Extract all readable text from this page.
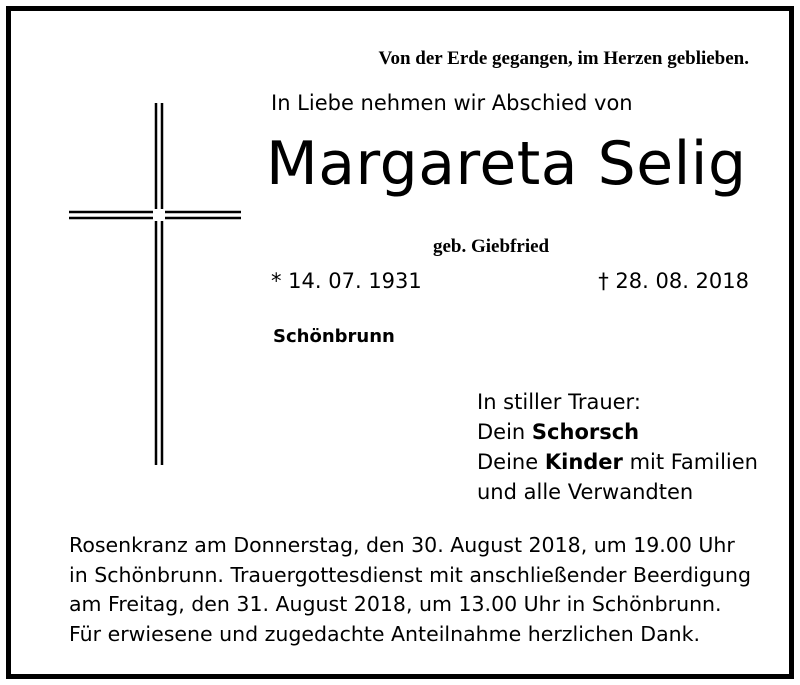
Von der Erde gegangen, im Herzen geblieben.
In Liebe nehmen wir Abschied von
Margareta Selig
geb. Giebfried
* 14. 07. 1931	† 28. 08. 2018
Schönbrunn
In stiller Trauer:
Dein Schorsch
Deine Kinder mit Familien
und alle Verwandten
Rosenkranz am Donnerstag, den 30. August 2018, um 19.00 Uhr
in Schönbrunn. Trauergottesdienst mit anschließender Beerdigung
am Freitag, den 31. August 2018, um 13.00 Uhr in Schönbrunn.
Für erwiesene und zugedachte Anteilnahme herzlichen Dank.
